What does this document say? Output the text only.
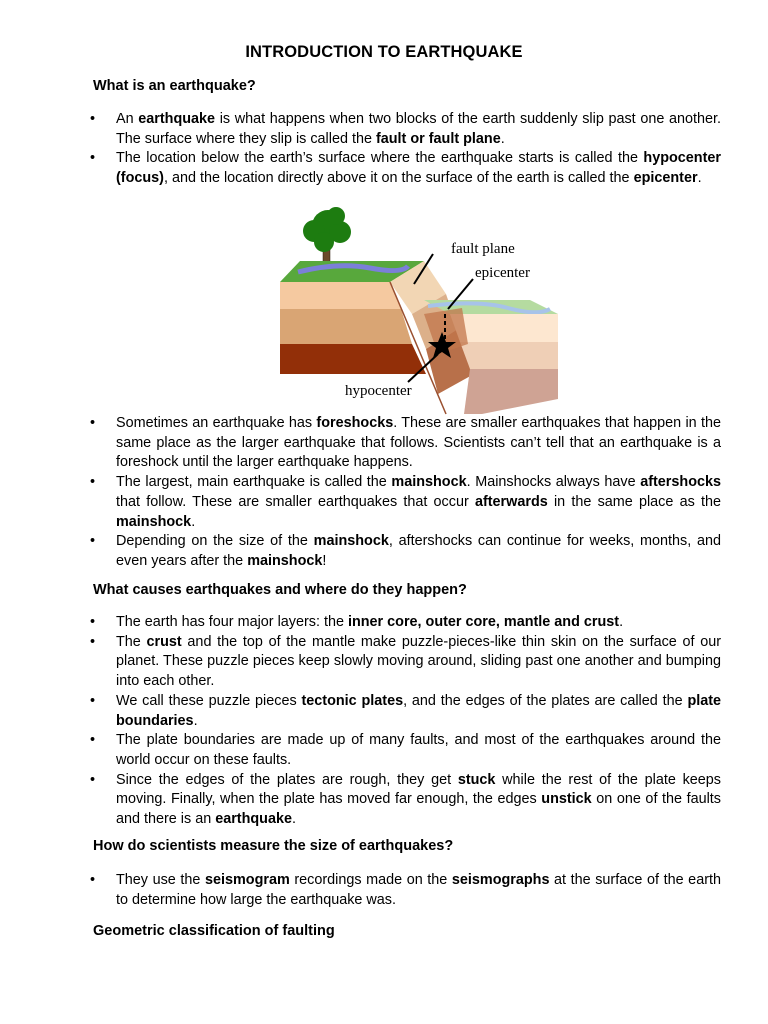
INTRODUCTION TO EARTHQUAKE
What is an earthquake?
• An earthquake is what happens when two blocks of the earth suddenly slip past one another. The surface where they slip is called the fault or fault plane.
• The location below the earth’s surface where the earthquake starts is called the hypocenter (focus), and the location directly above it on the surface of the earth is called the epicenter.
fault plane
epicenter
hypocenter
• Sometimes an earthquake has foreshocks. These are smaller earthquakes that happen in the same place as the larger earthquake that follows. Scientists can’t tell that an earthquake is a foreshock until the larger earthquake happens.
• The largest, main earthquake is called the mainshock. Mainshocks always have aftershocks that follow. These are smaller earthquakes that occur afterwards in the same place as the mainshock.
• Depending on the size of the mainshock, aftershocks can continue for weeks, months, and even years after the mainshock!
What causes earthquakes and where do they happen?
• The earth has four major layers: the inner core, outer core, mantle and crust.
• The crust and the top of the mantle make puzzle-pieces-like thin skin on the surface of our planet. These puzzle pieces keep slowly moving around, sliding past one another and bumping into each other.
• We call these puzzle pieces tectonic plates, and the edges of the plates are called the plate boundaries.
• The plate boundaries are made up of many faults, and most of the earthquakes around the world occur on these faults.
• Since the edges of the plates are rough, they get stuck while the rest of the plate keeps moving. Finally, when the plate has moved far enough, the edges unstick on one of the faults and there is an earthquake.
How do scientists measure the size of earthquakes?
• They use the seismogram recordings made on the seismographs at the surface of the earth to determine how large the earthquake was.
Geometric classification of faulting
